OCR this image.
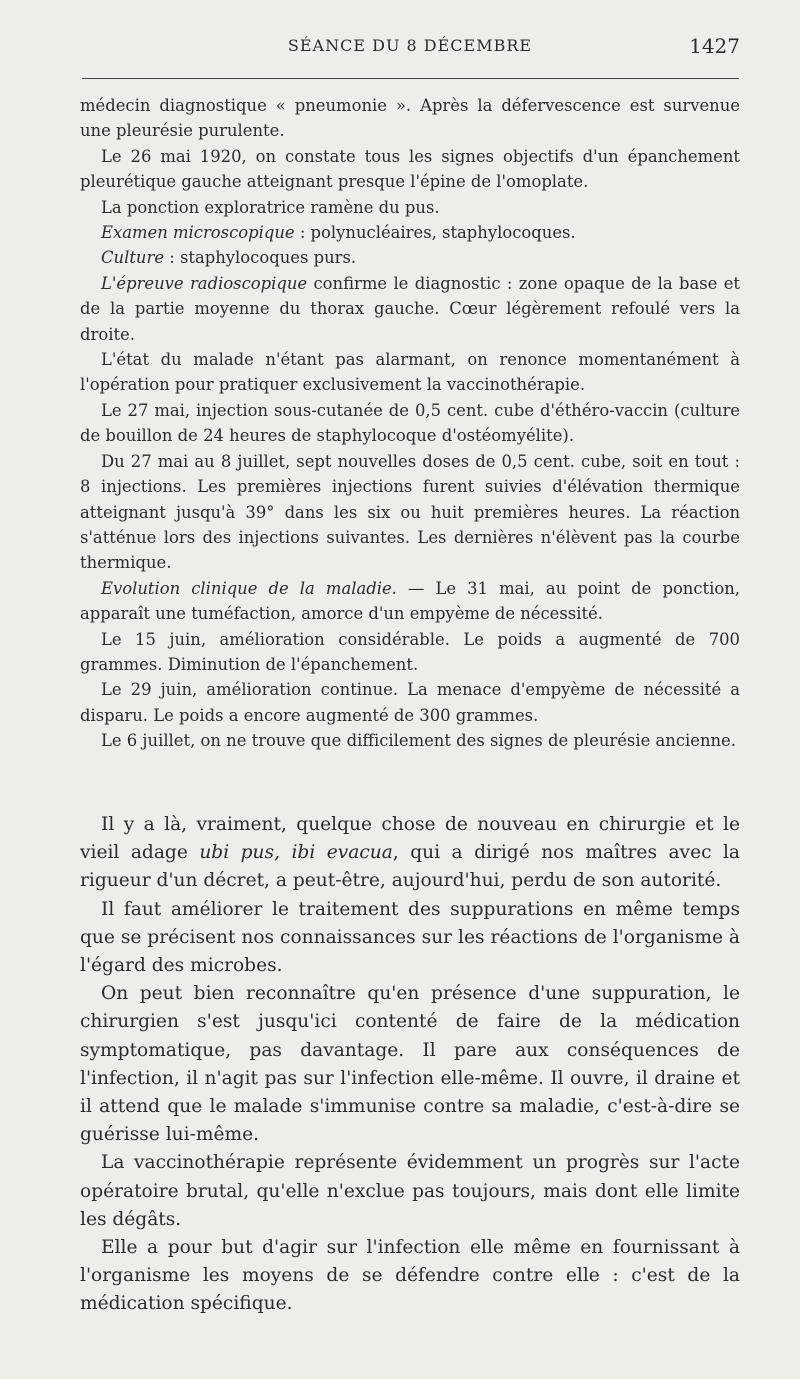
SÉANCE DU 8 DÉCEMBRE	1427

médecin diagnostique « pneumonie ». Après la défervescence est survenue une pleurésie purulente.

Le 26 mai 1920, on constate tous les signes objectifs d'un épanchement pleurétique gauche atteignant presque l'épine de l'omoplate.

La ponction exploratrice ramène du pus.

Examen microscopique : polynucléaires, staphylocoques.

Culture : staphylocoques purs.

L'épreuve radioscopique confirme le diagnostic : zone opaque de la base et de la partie moyenne du thorax gauche. Cœur légèrement refoulé vers la droite.

L'état du malade n'étant pas alarmant, on renonce momentanément à l'opération pour pratiquer exclusivement la vaccinothérapie.

Le 27 mai, injection sous-cutanée de 0,5 cent. cube d'éthéro-vaccin (culture de bouillon de 24 heures de staphylocoque d'ostéomyélite).

Du 27 mai au 8 juillet, sept nouvelles doses de 0,5 cent. cube, soit en tout : 8 injections. Les premières injections furent suivies d'élévation thermique atteignant jusqu'à 39° dans les six ou huit premières heures. La réaction s'atténue lors des injections suivantes. Les dernières n'élèvent pas la courbe thermique.

Evolution clinique de la maladie. — Le 31 mai, au point de ponction, apparaît une tuméfaction, amorce d'un empyème de nécessité.

Le 15 juin, amélioration considérable. Le poids a augmenté de 700 grammes. Diminution de l'épanchement.

Le 29 juin, amélioration continue. La menace d'empyème de nécessité a disparu. Le poids a encore augmenté de 300 grammes.

Le 6 juillet, on ne trouve que difficilement des signes de pleurésie ancienne.

Il y a là, vraiment, quelque chose de nouveau en chirurgie et le vieil adage ubi pus, ibi evacua, qui a dirigé nos maîtres avec la rigueur d'un décret, a peut-être, aujourd'hui, perdu de son autorité.

Il faut améliorer le traitement des suppurations en même temps que se précisent nos connaissances sur les réactions de l'organisme à l'égard des microbes.

On peut bien reconnaître qu'en présence d'une suppuration, le chirurgien s'est jusqu'ici contenté de faire de la médication symptomatique, pas davantage. Il pare aux conséquences de l'infection, il n'agit pas sur l'infection elle-même. Il ouvre, il draine et il attend que le malade s'immunise contre sa maladie, c'est-à-dire se guérisse lui-même.

La vaccinothérapie représente évidemment un progrès sur l'acte opératoire brutal, qu'elle n'exclue pas toujours, mais dont elle limite les dégâts.

Elle a pour but d'agir sur l'infection elle même en fournissant à l'organisme les moyens de se défendre contre elle : c'est de la médication spécifique.
